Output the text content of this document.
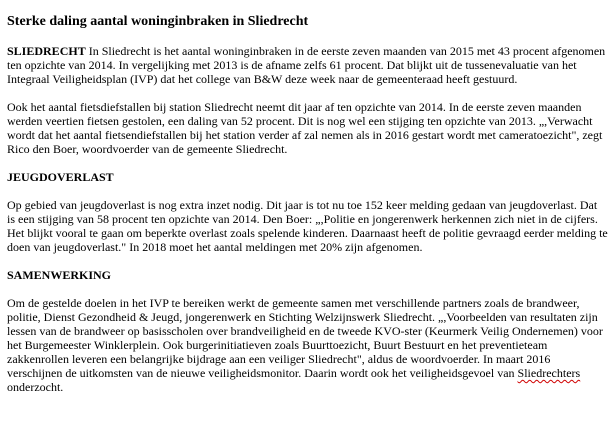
Sterke daling aantal woninginbraken in Sliedrecht

SLIEDRECHT In Sliedrecht is het aantal woninginbraken in de eerste zeven maanden van 2015 met 43 procent afgenomen ten opzichte van 2014. In vergelijking met 2013 is de afname zelfs 61 procent. Dat blijkt uit de tussenevaluatie van het Integraal Veiligheidsplan (IVP) dat het college van B&W deze week naar de gemeenteraad heeft gestuurd.

Ook het aantal fietsdiefstallen bij station Sliedrecht neemt dit jaar af ten opzichte van 2014. In de eerste zeven maanden werden veertien fietsen gestolen, een daling van 52 procent. Dit is nog wel een stijging ten opzichte van 2013. „,Verwacht wordt dat het aantal fietsendiefstallen bij het station verder af zal nemen als in 2016 gestart wordt met cameratoezicht", zegt Rico den Boer, woordvoerder van de gemeente Sliedrecht.

JEUGDOVERLAST

Op gebied van jeugdoverlast is nog extra inzet nodig. Dit jaar is tot nu toe 152 keer melding gedaan van jeugdoverlast. Dat is een stijging van 58 procent ten opzichte van 2014. Den Boer: „,Politie en jongerenwerk herkennen zich niet in de cijfers. Het blijkt vooral te gaan om beperkte overlast zoals spelende kinderen. Daarnaast heeft de politie gevraagd eerder melding te doen van jeugdoverlast." In 2018 moet het aantal meldingen met 20% zijn afgenomen.

SAMENWERKING

Om de gestelde doelen in het IVP te bereiken werkt de gemeente samen met verschillende partners zoals de brandweer, politie, Dienst Gezondheid & Jeugd, jongerenwerk en Stichting Welzijnswerk Sliedrecht. „,Voorbeelden van resultaten zijn lessen van de brandweer op basisscholen over brandveiligheid en de tweede KVO-ster (Keurmerk Veilig Ondernemen) voor het Burgemeester Winklerplein. Ook burgerinitiatieven zoals Buurttoezicht, Buurt Bestuurt en het preventieteam zakkenrollen leveren een belangrijke bijdrage aan een veiliger Sliedrecht", aldus de woordvoerder. In maart 2016 verschijnen de uitkomsten van de nieuwe veiligheidsmonitor. Daarin wordt ook het veiligheidsgevoel van Sliedrechters onderzocht.
